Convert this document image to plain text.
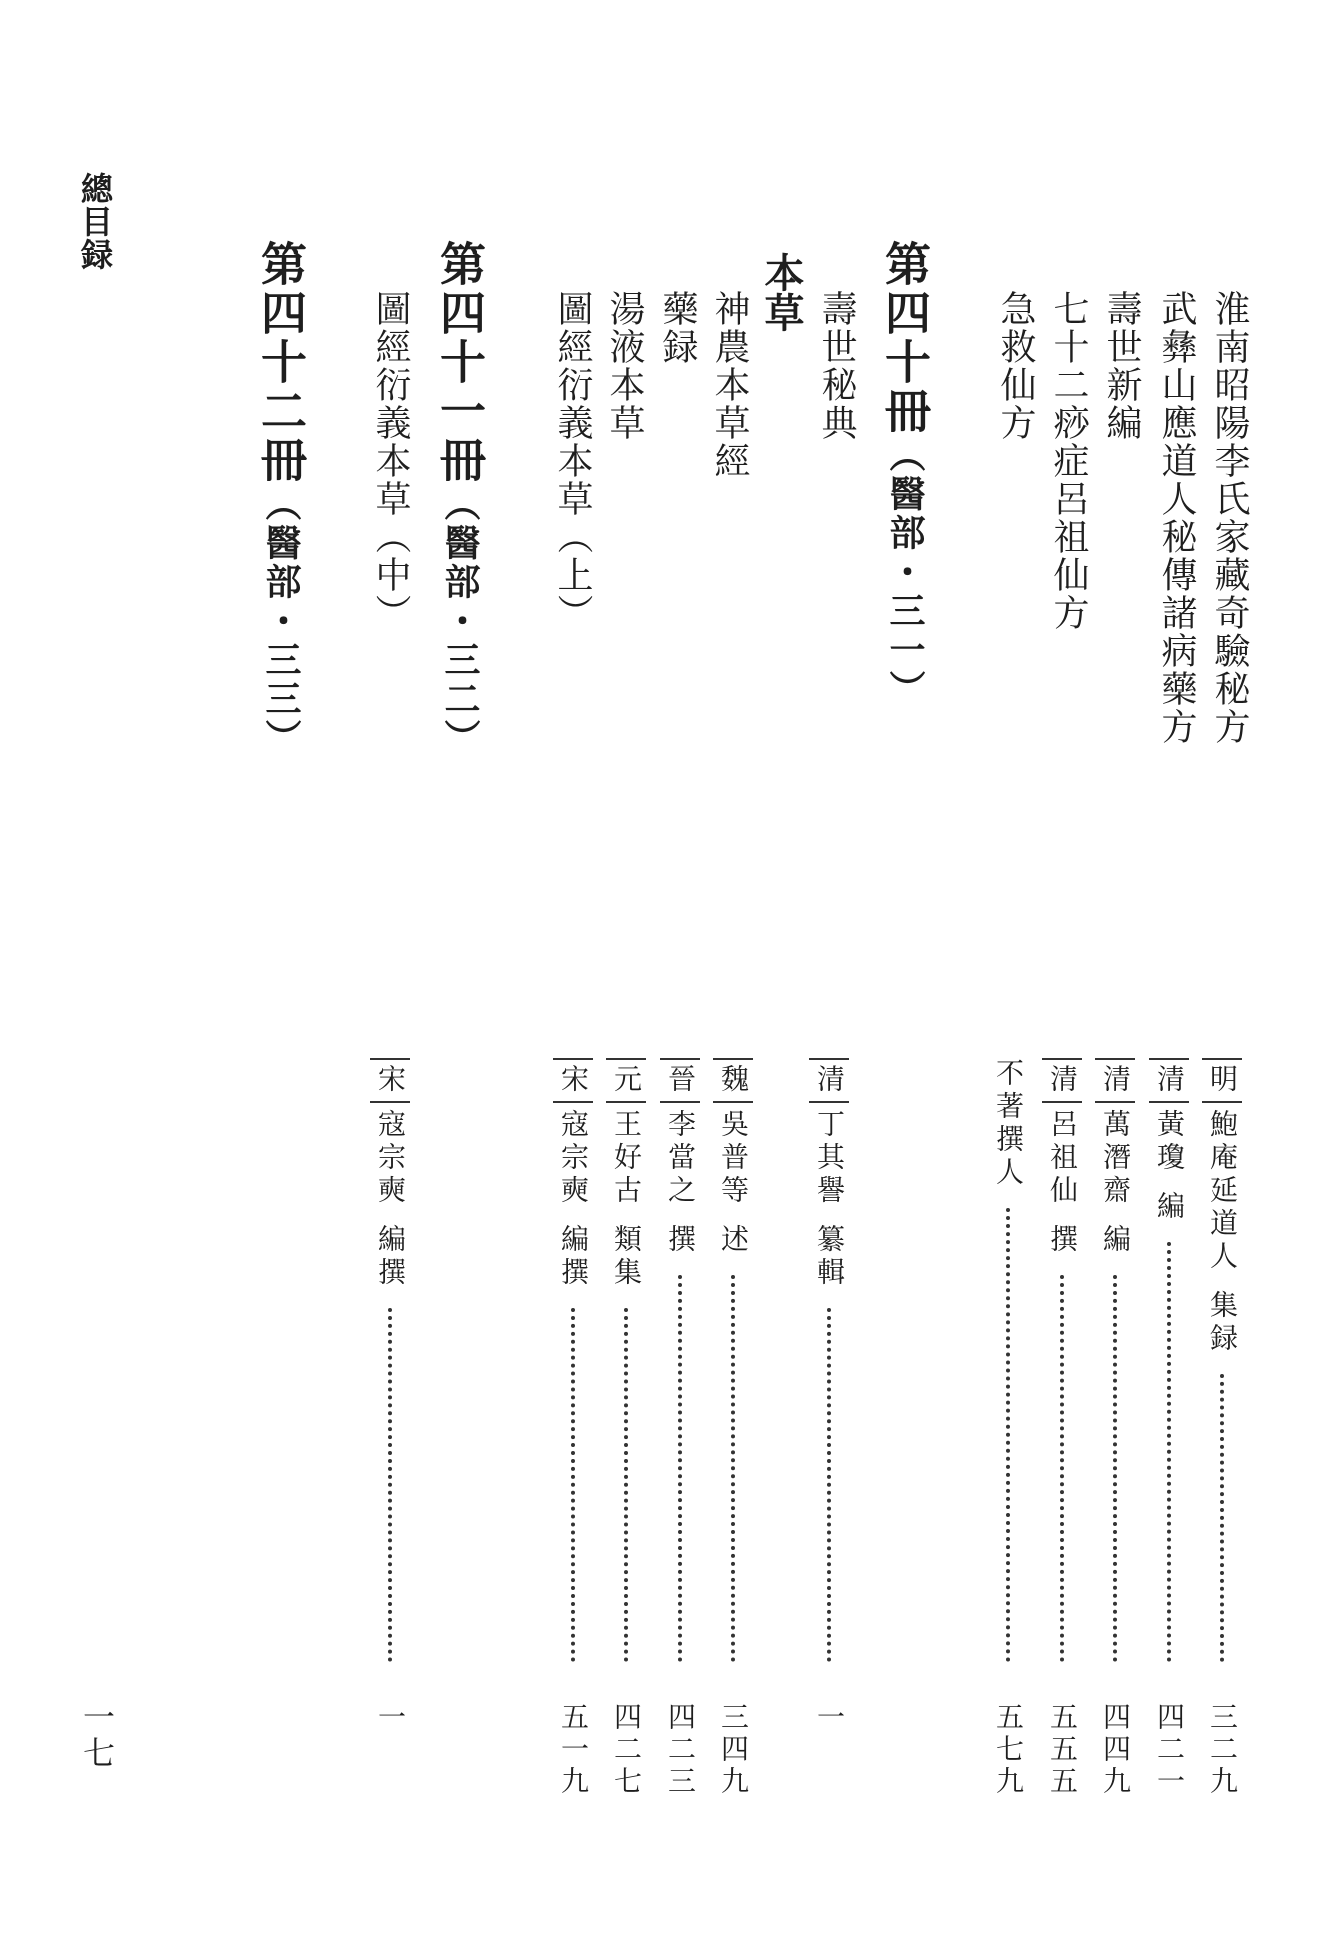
總目録
一七
第四十冊（醫部・三一）
第四十一冊（醫部・三二）
第四十二冊（醫部・三三）
本草	淮南昭陽李氏家藏奇驗秘方
武彝山應道人秘傳諸病藥方
壽世新編
七十二痧症呂祖仙方
急救仙方
壽世秘典
神農本草經
藥録
湯液本草
圖經衍義本草（上）
圖經衍義本草（中）
明鮑庵延道人集録
三二九
清黃瓊編
四二一
清萬潛齋編
四四九
清呂祖仙撰
五五五
不著撰人
五七九
清丁其譽纂輯
一
魏吳普等述
三四九
晉李當之撰
四二三
元王好古類集
四二七
宋寇宗奭編撰
五一九
宋寇宗奭編撰
一
